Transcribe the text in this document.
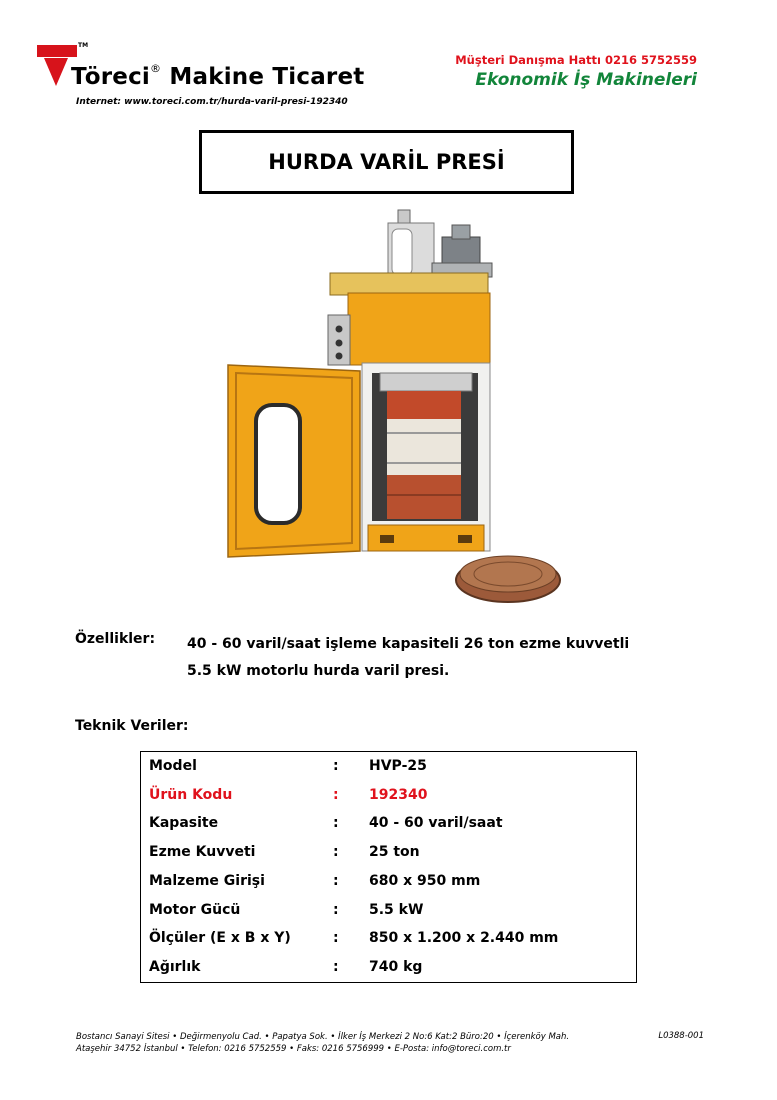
TM
Töreci® Makine Ticaret
Internet: www.toreci.com.tr/hurda-varil-presi-192340
Müşteri Danışma Hattı 0216 5752559
Ekonomik İş Makineleri
HURDA VARİL PRESİ
Özellikler: 40 - 60 varil/saat işleme kapasiteli 26 ton ezme kuvvetli
5.5 kW motorlu hurda varil presi.
Teknik Veriler:
Model	: HVP-25
Ürün Kodu	: 192340
Kapasite	: 40 - 60 varil/saat
Ezme Kuvveti	: 25 ton
Malzeme Girişi	: 680 x 950 mm
Motor Gücü	: 5.5 kW
Ölçüler (E x B x Y)	: 850 x 1.200 x 2.440 mm
Ağırlık	: 740 kg
Bostancı Sanayi Sitesi • Değirmenyolu Cad. • Papatya Sok. • İlker İş Merkezi 2 No:6 Kat:2 Büro:20 • İçerenköy Mah.
Ataşehir 34752 İstanbul • Telefon: 0216 5752559 • Faks: 0216 5756999 • E-Posta: info@toreci.com.tr
L0388-001
